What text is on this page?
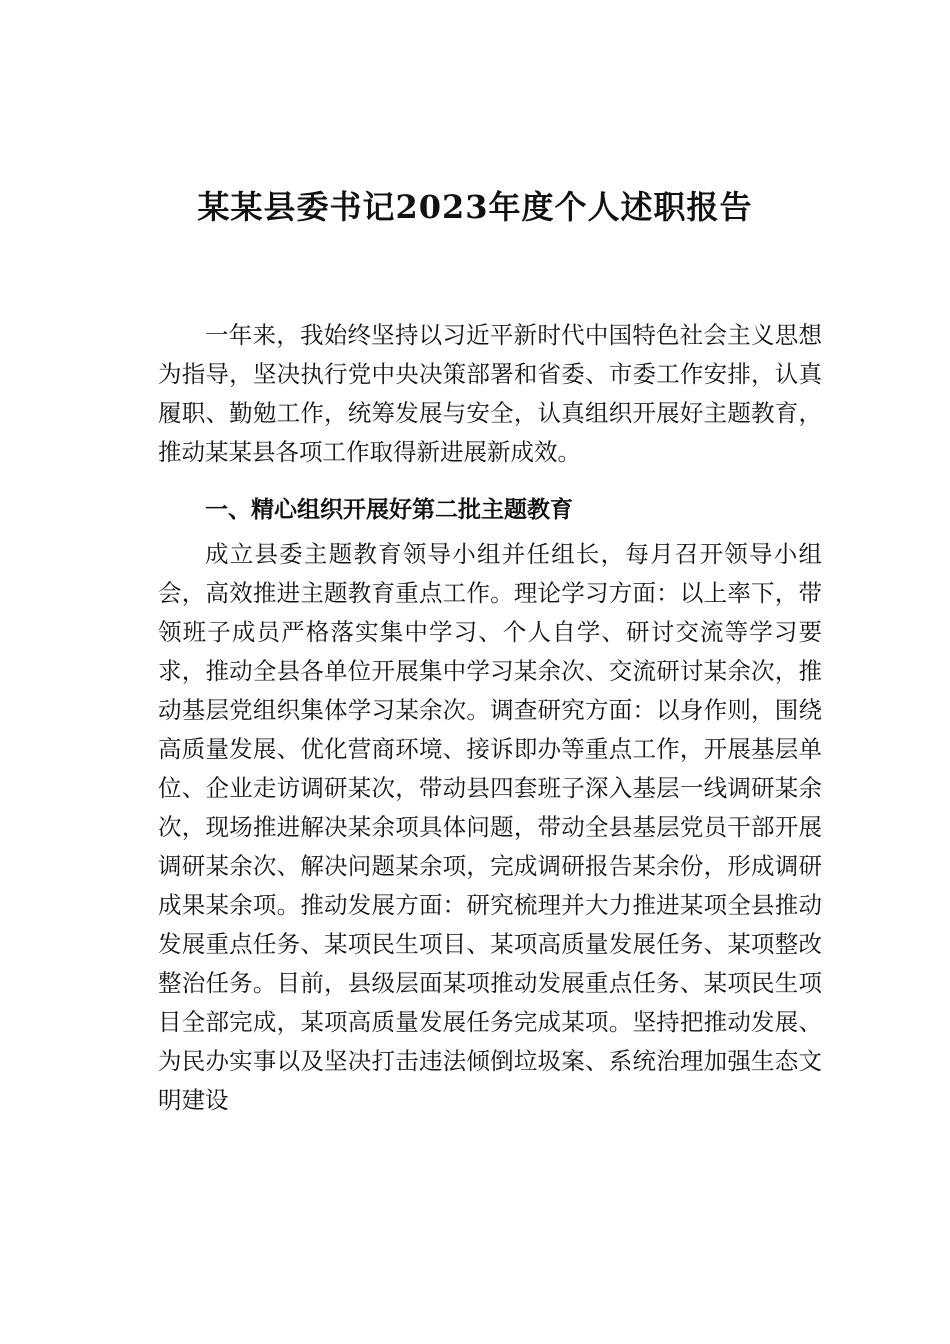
某某县委书记2023年度个人述职报告

一年来，我始终坚持以习近平新时代中国特色社会主义思想为指导，坚决执行党中央决策部署和省委、市委工作安排，认真履职、勤勉工作，统筹发展与安全，认真组织开展好主题教育，推动某某县各项工作取得新进展新成效。

一、精心组织开展好第二批主题教育

成立县委主题教育领导小组并任组长，每月召开领导小组会，高效推进主题教育重点工作。理论学习方面：以上率下，带领班子成员严格落实集中学习、个人自学、研讨交流等学习要求，推动全县各单位开展集中学习某余次、交流研讨某余次，推动基层党组织集体学习某余次。调查研究方面：以身作则，围绕高质量发展、优化营商环境、接诉即办等重点工作，开展基层单位、企业走访调研某次，带动县四套班子深入基层一线调研某余次，现场推进解决某余项具体问题，带动全县基层党员干部开展调研某余次、解决问题某余项，完成调研报告某余份，形成调研成果某余项。推动发展方面：研究梳理并大力推进某项全县推动发展重点任务、某项民生项目、某项高质量发展任务、某项整改整治任务。目前，县级层面某项推动发展重点任务、某项民生项目全部完成，某项高质量发展任务完成某项。坚持把推动发展、为民办实事以及坚决打击违法倾倒垃圾案、系统治理加强生态文明建设
